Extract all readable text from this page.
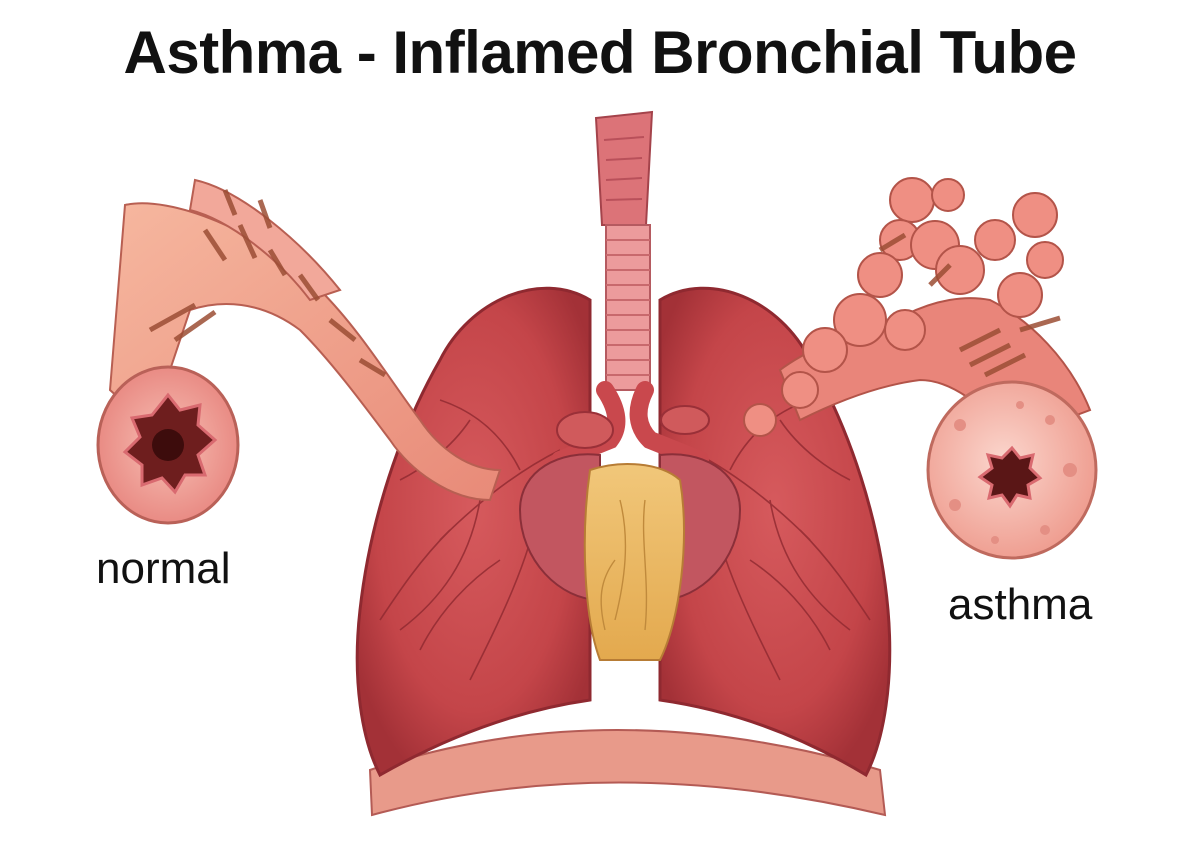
Asthma - Inflamed Bronchial Tube
normal
asthma
